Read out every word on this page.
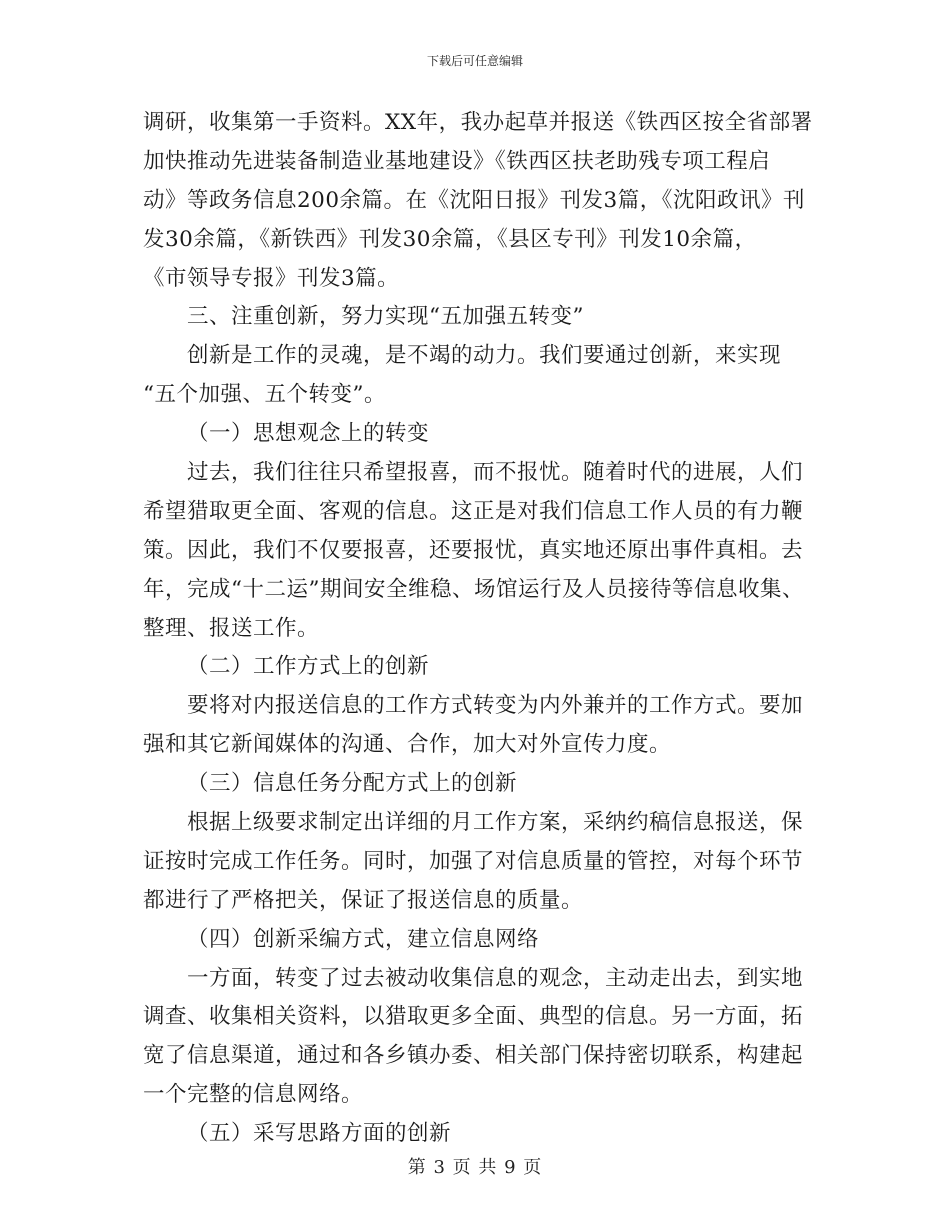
下载后可任意编辑
调研，收集第一手资料。XX年，我办起草并报送《铁西区按全省部署
加快推动先进装备制造业基地建设》《铁西区扶老助残专项工程启
动》等政务信息200余篇。在《沈阳日报》刊发3篇，《沈阳政讯》刊
发30余篇，《新铁西》刊发30余篇，《县区专刊》刊发10余篇，
《市领导专报》刊发3篇。
三、注重创新，努力实现“五加强五转变”
创新是工作的灵魂，是不竭的动力。我们要通过创新，来实现
“五个加强、五个转变”。
（一）思想观念上的转变
过去，我们往往只希望报喜，而不报忧。随着时代的进展，人们
希望猎取更全面、客观的信息。这正是对我们信息工作人员的有力鞭
策。因此，我们不仅要报喜，还要报忧，真实地还原出事件真相。去
年，完成“十二运”期间安全维稳、场馆运行及人员接待等信息收集、
整理、报送工作。
（二）工作方式上的创新
要将对内报送信息的工作方式转变为内外兼并的工作方式。要加
强和其它新闻媒体的沟通、合作，加大对外宣传力度。
（三）信息任务分配方式上的创新
根据上级要求制定出详细的月工作方案，采纳约稿信息报送，保
证按时完成工作任务。同时，加强了对信息质量的管控，对每个环节
都进行了严格把关，保证了报送信息的质量。
（四）创新采编方式，建立信息网络
一方面，转变了过去被动收集信息的观念，主动走出去，到实地
调查、收集相关资料，以猎取更多全面、典型的信息。另一方面，拓
宽了信息渠道，通过和各乡镇办委、相关部门保持密切联系，构建起
一个完整的信息网络。
（五）采写思路方面的创新
第 3 页 共 9 页
